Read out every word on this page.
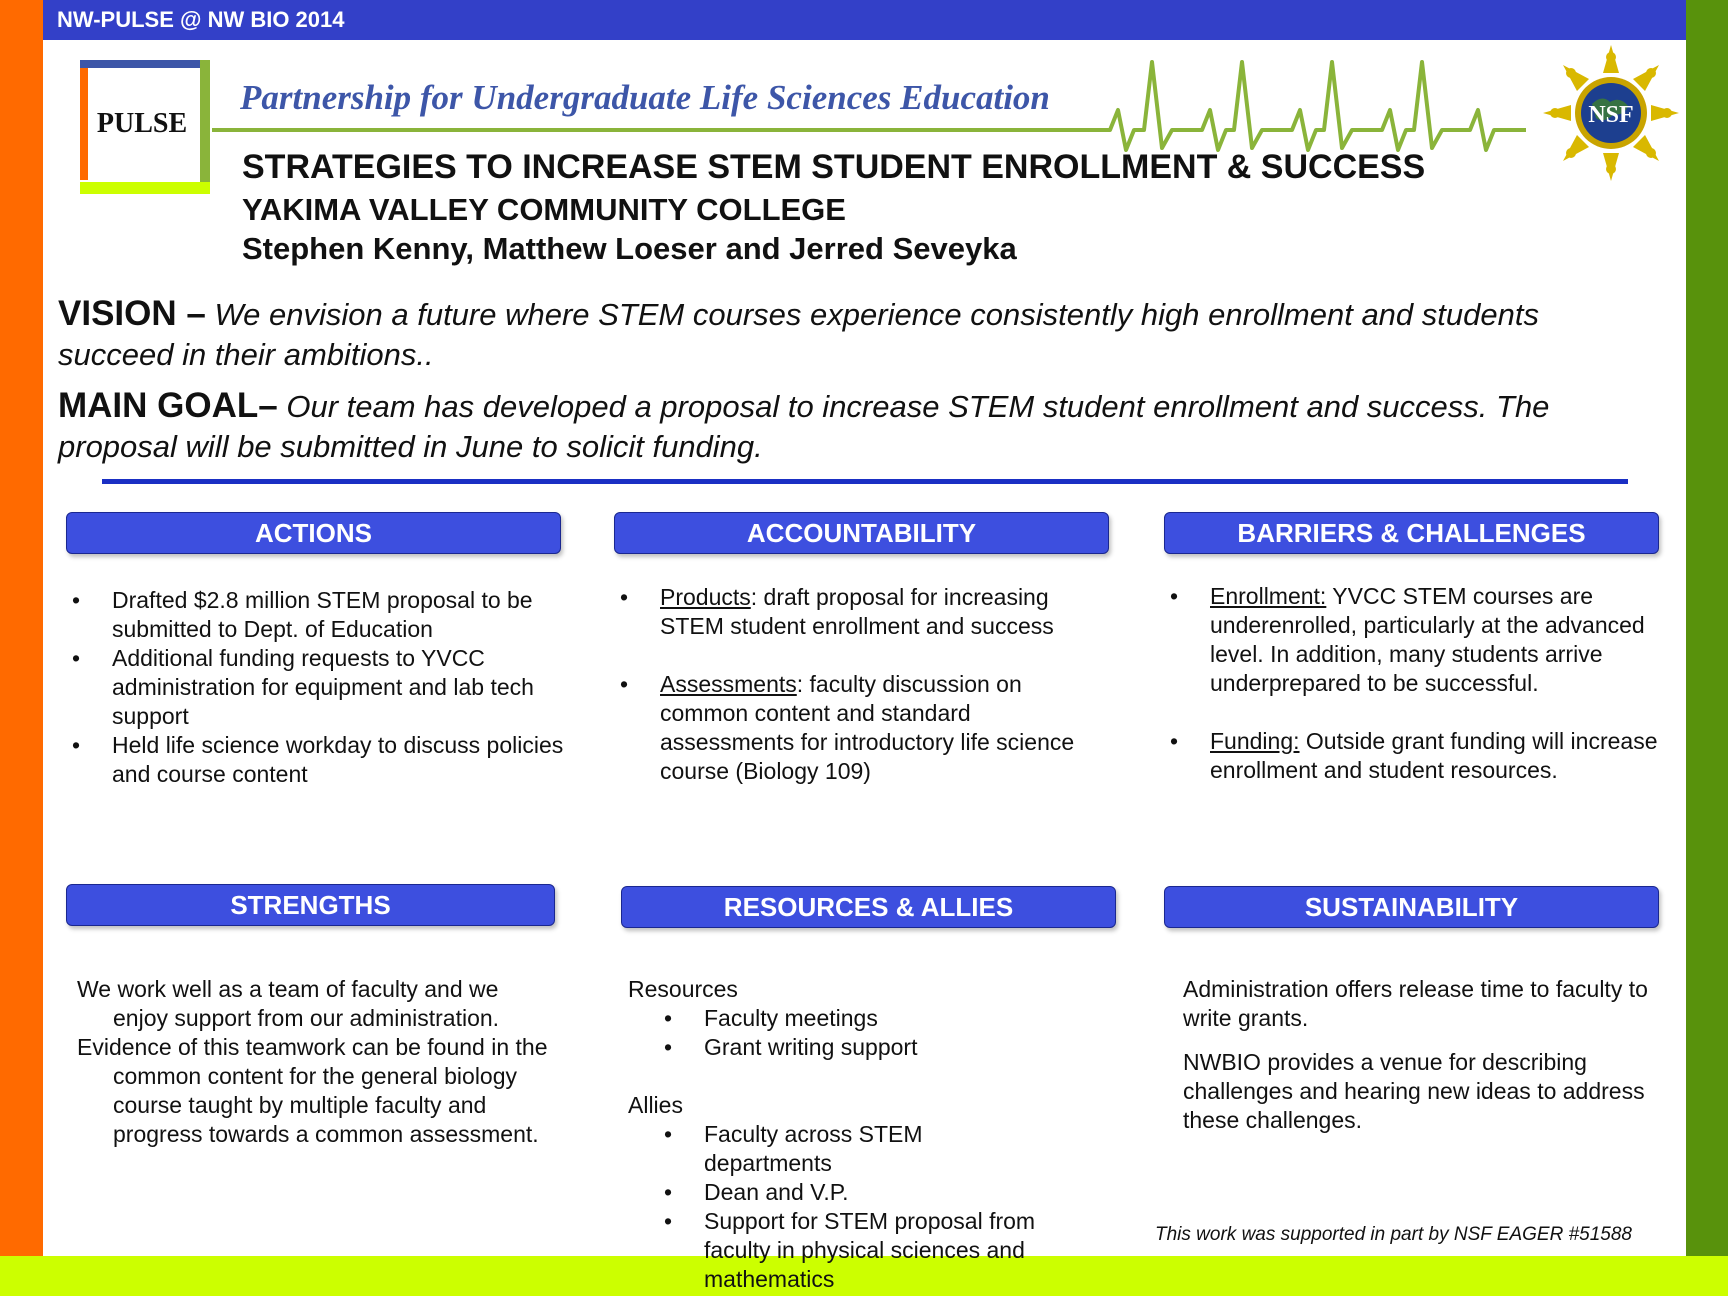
NW-PULSE @ NW BIO 2014
PULSE
Partnership for Undergraduate Life Sciences Education	NSF
STRATEGIES TO INCREASE STEM STUDENT ENROLLMENT & SUCCESS
YAKIMA VALLEY COMMUNITY COLLEGE
Stephen Kenny, Matthew Loeser and Jerred Seveyka
VISION – We envision a future where STEM courses experience consistently high enrollment and students succeed in their ambitions..
MAIN GOAL– Our team has developed a proposal to increase STEM student enrollment and success. The proposal will be submitted in June to solicit funding.
ACTIONS
• Drafted $2.8 million STEM proposal to be submitted to Dept. of Education
• Additional funding requests to YVCC administration for equipment and lab tech support
• Held life science workday to discuss policies and course content
ACCOUNTABILITY
• Products: draft proposal for increasing STEM student enrollment and success
• Assessments: faculty discussion on common content and standard assessments for introductory life science course (Biology 109)
BARRIERS & CHALLENGES
• Enrollment: YVCC STEM courses are underenrolled, particularly at the advanced level. In addition, many students arrive underprepared to be successful.
• Funding: Outside grant funding will increase enrollment and student resources.
STRENGTHS

We work well as a team of faculty and we enjoy support from our administration.

Evidence of this teamwork can be found in the common content for the general biology course taught by multiple faculty and progress towards a common assessment.

RESOURCES & ALLIES
Resources
• Faculty meetings
• Grant writing support
Allies
• Faculty across STEM departments
• Dean and V.P.
• Support for STEM proposal from faculty in physical sciences and mathematics
SUSTAINABILITY

Administration offers release time to faculty to write grants.

NWBIO provides a venue for describing challenges and hearing new ideas to address these challenges.

This work was supported in part by NSF EAGER #51588
